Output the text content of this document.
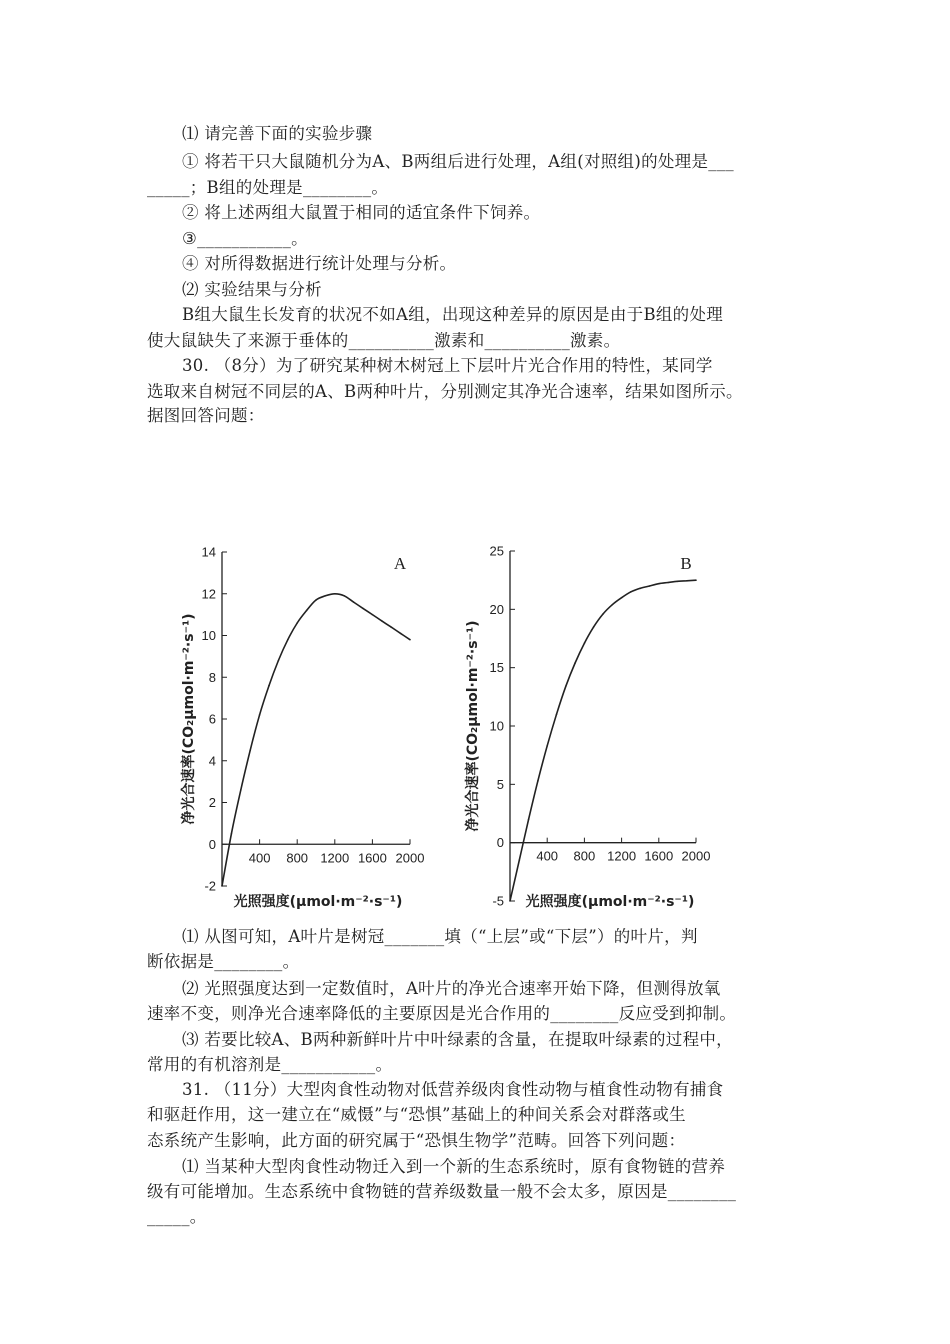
⑴ 请完善下面的实验步骤
① 将若干只大鼠随机分为A、B两组后进行处理，A组(对照组)的处理是___
_____；B组的处理是________。
② 将上述两组大鼠置于相同的适宜条件下饲养。
③___________。
④ 对所得数据进行统计处理与分析。
⑵ 实验结果与分析
B组大鼠生长发育的状况不如A组，出现这种差异的原因是由于B组的处理
使大鼠缺失了来源于垂体的__________激素和__________激素。
30. （8分）为了研究某种树木树冠上下层叶片光合作用的特性，某同学
选取来自树冠不同层的A、B两种叶片，分别测定其净光合速率，结果如图所示。
据图回答问题：
⑴ 从图可知，A叶片是树冠_______填（“上层”或“下层”）的叶片，判
断依据是________。
⑵ 光照强度达到一定数值时，A叶片的净光合速率开始下降，但测得放氧
速率不变，则净光合速率降低的主要原因是光合作用的________反应受到抑制。
⑶ 若要比较A、B两种新鲜叶片中叶绿素的含量，在提取叶绿素的过程中，
常用的有机溶剂是___________。
31. （11分）大型肉食性动物对低营养级肉食性动物与植食性动物有捕食
和驱赶作用，这一建立在“威慑”与“恐惧”基础上的种间关系会对群落或生
态系统产生影响，此方面的研究属于“恐惧生物学”范畴。回答下列问题：
⑴ 当某种大型肉食性动物迁入到一个新的生态系统时，原有食物链的营养
级有可能增加。生态系统中食物链的营养级数量一般不会太多，原因是________
_____。
-2
0
2
4
6
8
10
12
14
400 800 1200 1600 2000
A
净光合速率(CO₂μmol·m⁻²·s⁻¹)
光照强度(μmol·m⁻²·s⁻¹)	-5
0
5
10
15
20
25
400 800 1200 1600 2000
B
净光合速率(CO₂μmol·m⁻²·s⁻¹)
光照强度(μmol·m⁻²·s⁻¹)
